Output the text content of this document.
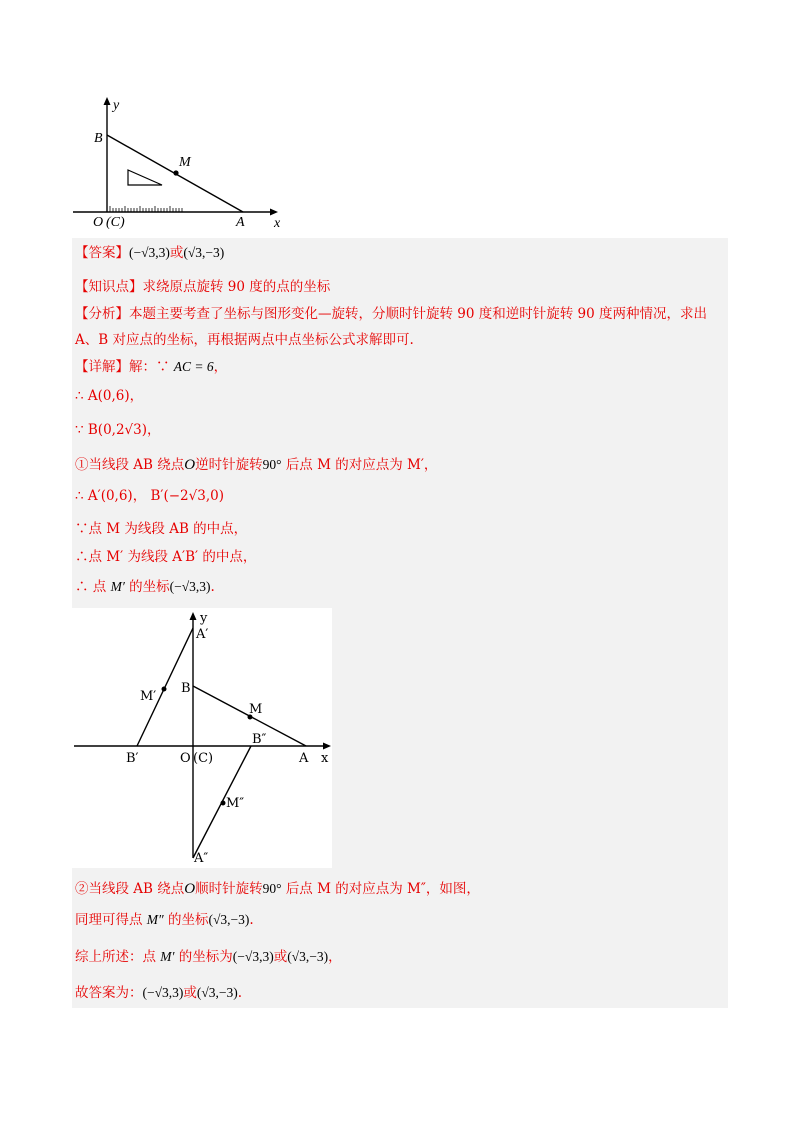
y
x
B
M
O (C)	A
【答案】(−√3,3)或(√3,−3)
【知识点】求绕原点旋转 90 度的点的坐标
【分析】本题主要考查了坐标与图形变化—旋转，分顺时针旋转 90 度和逆时针旋转 90 度两种情况，求出
A、B 对应点的坐标，再根据两点中点坐标公式求解即可.
【详解】解：∵ AC = 6，
∴ A(0,6)，
∵ B(0,2√3)，
①当线段 AB 绕点O逆时针旋转90° 后点 M 的对应点为 M′，
∴ A′(0,6)， B′(−2√3,0)
∵点 M 为线段 AB 的中点，
∴点 M′ 为线段 A′B′ 的中点，
∴ 点 M′ 的坐标(−√3,3).
y
x
A′
B
M′
M
B″
B′	O (C)	A
M″
A″
②当线段 AB 绕点O顺时针旋转90° 后点 M 的对应点为 M″，如图，
同理可得点 M″ 的坐标(√3,−3).
综上所述：点 M′ 的坐标为(−√3,3)或(√3,−3)，
故答案为：(−√3,3)或(√3,−3).
